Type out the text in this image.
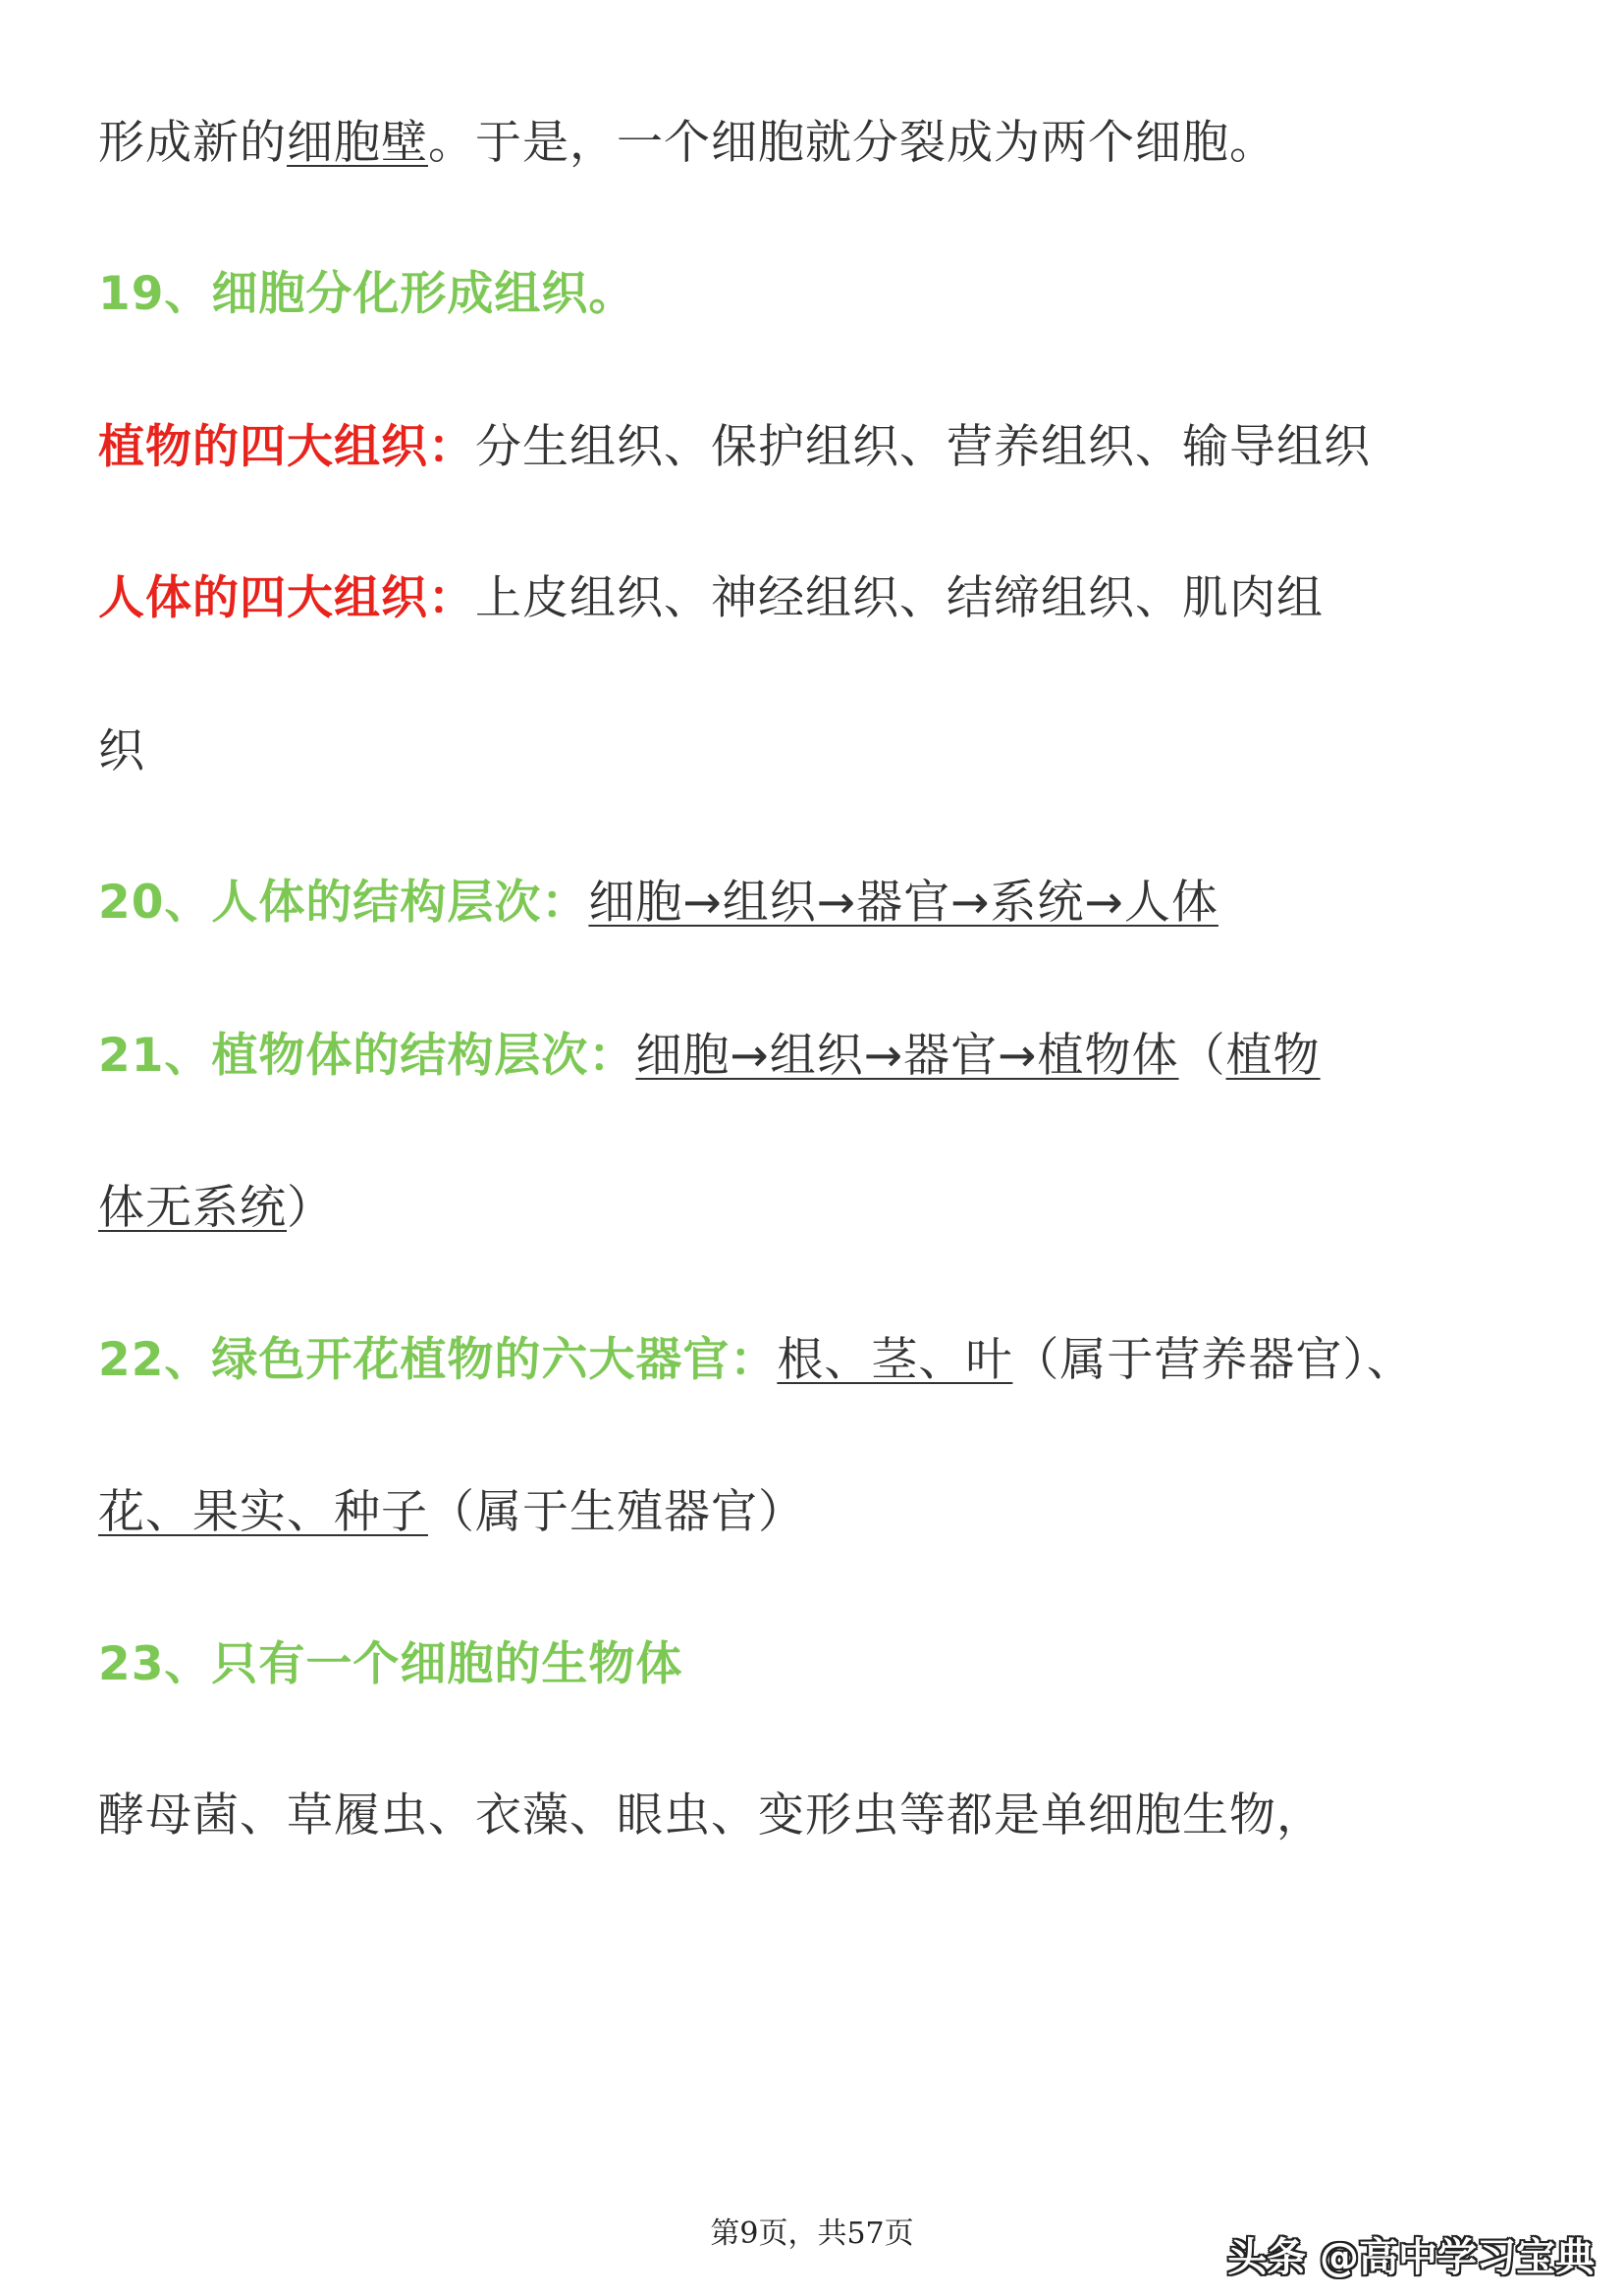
形成新的细胞壁。于是，一个细胞就分裂成为两个细胞。
19、细胞分化形成组织。
植物的四大组织：分生组织、保护组织、营养组织、输导组织
人体的四大组织：上皮组织、神经组织、结缔组织、肌肉组
织
20、人体的结构层次：细胞→组织→器官→系统→人体
21、植物体的结构层次：细胞→组织→器官→植物体（植物
体无系统）
22、绿色开花植物的六大器官：根、茎、叶（属于营养器官）、
花、果实、种子（属于生殖器官）
23、只有一个细胞的生物体
酵母菌、草履虫、衣藻、眼虫、变形虫等都是单细胞生物，
第9页，共57页
头条 @高中学习宝典
